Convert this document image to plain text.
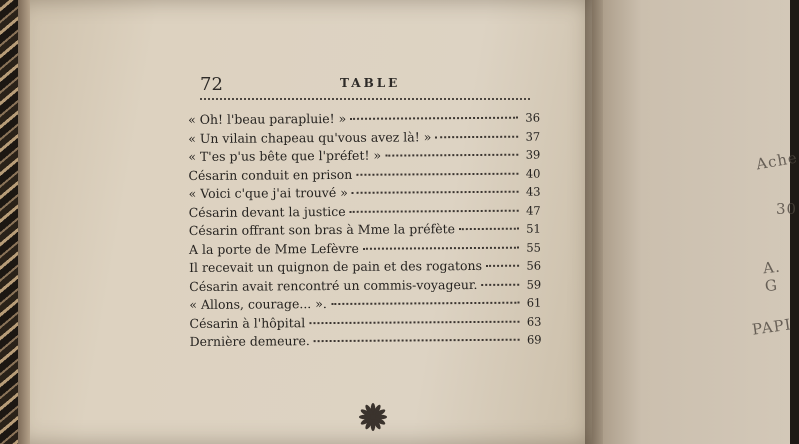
Ache
30
A. G
PAPI
72	TABLE
« Oh! l'beau parapluie! »	36
« Un vilain chapeau qu'vous avez là! »	37
« T'es p'us bête que l'préfet! »	39
Césarin conduit en prison	40
« Voici c'que j'ai trouvé »	43
Césarin devant la justice	47
Césarin offrant son bras à Mme la préfète	51
A la porte de Mme Lefèvre	55
Il recevait un quignon de pain et des rogatons	56
Césarin avait rencontré un commis-voyageur.	59
« Allons, courage... ».	61
Césarin à l'hôpital	63
Dernière demeure.	69
